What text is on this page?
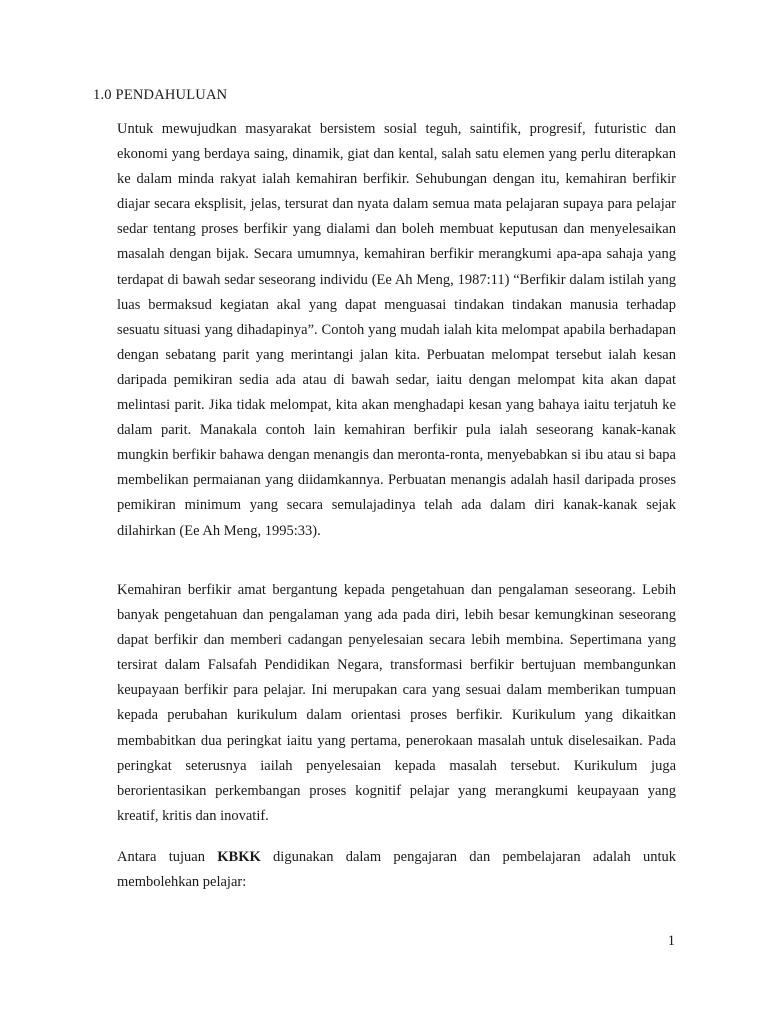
1.0 PENDAHULUAN

Untuk mewujudkan masyarakat bersistem sosial teguh, saintifik, progresif, futuristic dan ekonomi yang berdaya saing, dinamik, giat dan kental, salah satu elemen yang perlu diterapkan ke dalam minda rakyat ialah kemahiran berfikir. Sehubungan dengan itu, kemahiran berfikir diajar secara eksplisit, jelas, tersurat dan nyata dalam semua mata pelajaran supaya para pelajar sedar tentang proses berfikir yang dialami dan boleh membuat keputusan dan menyelesaikan masalah dengan bijak. Secara umumnya, kemahiran berfikir merangkumi apa-apa sahaja yang terdapat di bawah sedar seseorang individu (Ee Ah Meng, 1987:11) “Berfikir dalam istilah yang luas bermaksud kegiatan akal yang dapat menguasai tindakan tindakan manusia terhadap sesuatu situasi yang dihadapinya”. Contoh yang mudah ialah kita melompat apabila berhadapan dengan sebatang parit yang merintangi jalan kita. Perbuatan melompat tersebut ialah kesan daripada pemikiran sedia ada atau di bawah sedar, iaitu dengan melompat kita akan dapat melintasi parit. Jika tidak melompat, kita akan menghadapi kesan yang bahaya iaitu terjatuh ke dalam parit. Manakala contoh lain kemahiran berfikir pula ialah seseorang kanak-kanak mungkin berfikir bahawa dengan menangis dan meronta-ronta, menyebabkan si ibu atau si bapa membelikan permaianan yang diidamkannya. Perbuatan menangis adalah hasil daripada proses pemikiran minimum yang secara semulajadinya telah ada dalam diri kanak-kanak sejak dilahirkan (Ee Ah Meng, 1995:33).

Kemahiran berfikir amat bergantung kepada pengetahuan dan pengalaman seseorang. Lebih banyak pengetahuan dan pengalaman yang ada pada diri, lebih besar kemungkinan seseorang dapat berfikir dan memberi cadangan penyelesaian secara lebih membina. Sepertimana yang tersirat dalam Falsafah Pendidikan Negara, transformasi berfikir bertujuan membangunkan keupayaan berfikir para pelajar. Ini merupakan cara yang sesuai dalam memberikan tumpuan kepada perubahan kurikulum dalam orientasi proses berfikir. Kurikulum yang dikaitkan membabitkan dua peringkat iaitu yang pertama, penerokaan masalah untuk diselesaikan. Pada peringkat seterusnya iailah penyelesaian kepada masalah tersebut. Kurikulum juga berorientasikan perkembangan proses kognitif pelajar yang merangkumi keupayaan yang kreatif, kritis dan inovatif.

Antara tujuan KBKK digunakan dalam pengajaran dan pembelajaran adalah untuk membolehkan pelajar:

1
